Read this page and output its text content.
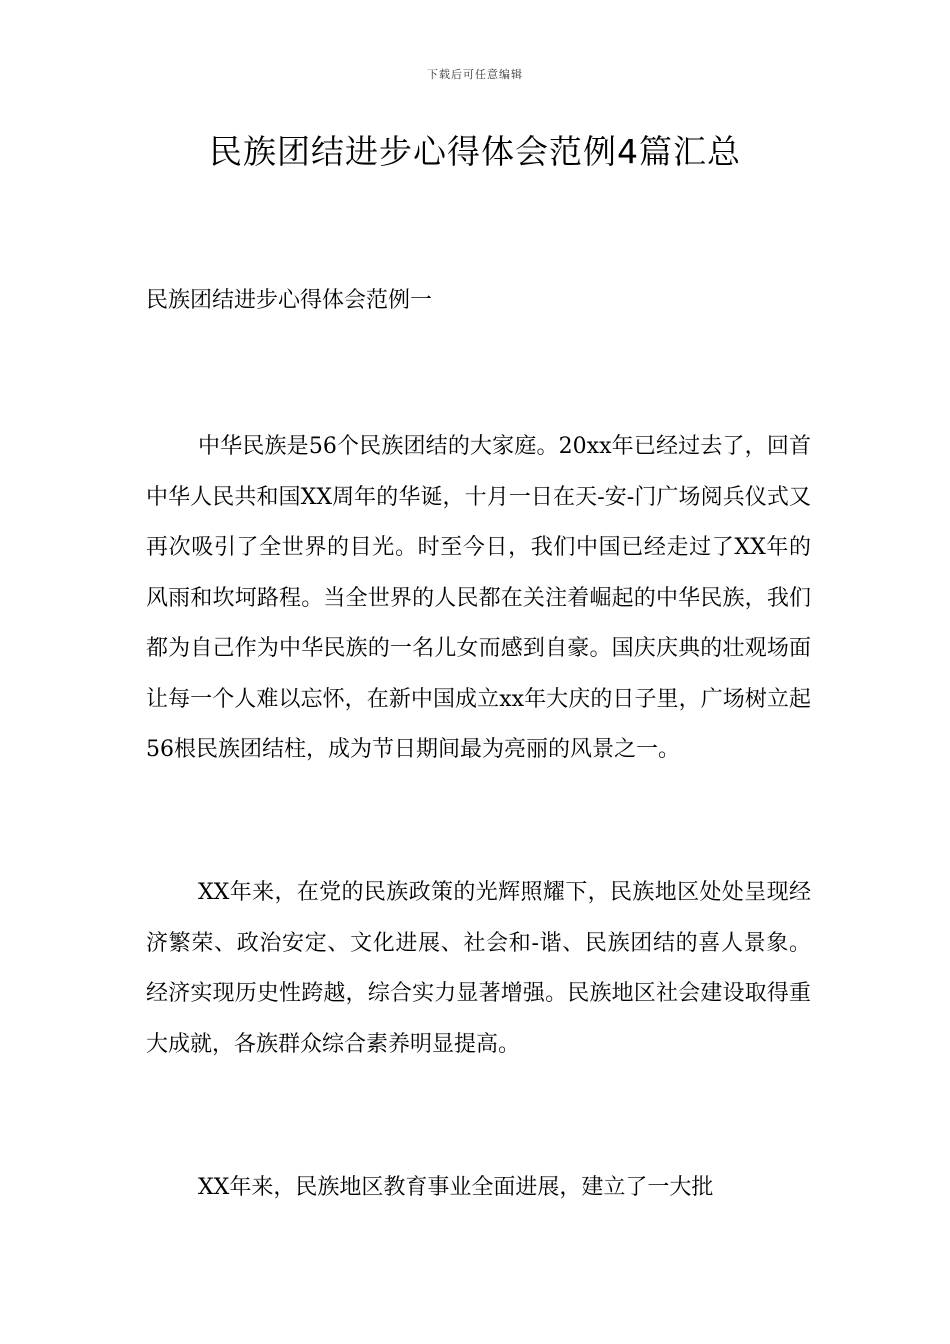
下载后可任意编辑
民族团结进步心得体会范例4篇汇总
民族团结进步心得体会范例一

中华民族是56个民族团结的大家庭。20xx年已经过去了，回首中华人民共和国XX周年的华诞，十月一日在天-安-门广场阅兵仪式又再次吸引了全世界的目光。时至今日，我们中国已经走过了XX年的风雨和坎坷路程。当全世界的人民都在关注着崛起的中华民族，我们都为自己作为中华民族的一名儿女而感到自豪。国庆庆典的壮观场面让每一个人难以忘怀，在新中国成立xx年大庆的日子里，广场树立起56根民族团结柱，成为节日期间最为亮丽的风景之一。

XX年来，在党的民族政策的光辉照耀下，民族地区处处呈现经济繁荣、政治安定、文化进展、社会和-谐、民族团结的喜人景象。经济实现历史性跨越，综合实力显著增强。民族地区社会建设取得重大成就，各族群众综合素养明显提高。

XX年来，民族地区教育事业全面进展，建立了一大批
